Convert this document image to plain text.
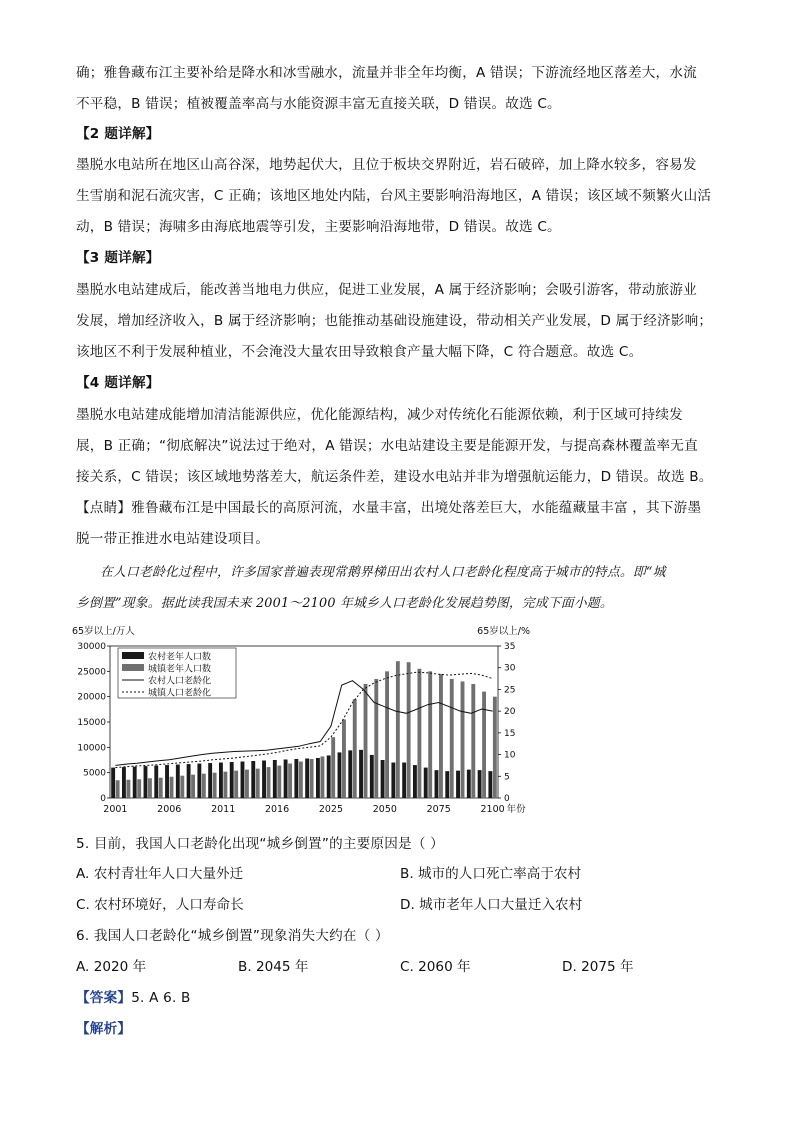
确；雅鲁藏布江主要补给是降水和冰雪融水，流量并非全年均衡，A 错误；下游流经地区落差大，水流
不平稳，B 错误；植被覆盖率高与水能资源丰富无直接关联，D 错误。故选 C。
【2 题详解】
墨脱水电站所在地区山高谷深，地势起伏大，且位于板块交界附近，岩石破碎，加上降水较多，容易发
生雪崩和泥石流灾害，C 正确；该地区地处内陆，台风主要影响沿海地区，A 错误；该区域不频繁火山活
动，B 错误；海啸多由海底地震等引发，主要影响沿海地带，D 错误。故选 C。
【3 题详解】
墨脱水电站建成后，能改善当地电力供应，促进工业发展，A 属于经济影响；会吸引游客，带动旅游业
发展，增加经济收入，B 属于经济影响；也能推动基础设施建设，带动相关产业发展，D 属于经济影响；
该地区不利于发展种植业，不会淹没大量农田导致粮食产量大幅下降，C 符合题意。故选 C。
【4 题详解】
墨脱水电站建成能增加清洁能源供应，优化能源结构，减少对传统化石能源依赖，利于区域可持续发
展，B 正确；“彻底解决”说法过于绝对，A 错误；水电站建设主要是能源开发，与提高森林覆盖率无直
接关系，C 错误；该区域地势落差大，航运条件差，建设水电站并非为增强航运能力，D 错误。故选 B。
【点睛】雅鲁藏布江是中国最长的高原河流，水量丰富，出境处落差巨大，水能蕴藏量丰富 ，其下游墨
脱一带正推进水电站建设项目。
在人口老龄化过程中，许多国家普遍表现常鹅界梯田出农村人口老龄化程度高于城市的特点。即“城
乡倒置”现象。据此读我国未来 2001～2100 年城乡人口老龄化发展趋势图，完成下面小题。
65岁以上/万人	65岁以上/%
0
5000
10000
15000
20000
25000
30000
0
5
10
15
20
25
30
35
2001	2006	2011	2016	2025	2050	2075	2100 年份
农村老年人口数
城镇老年人口数
农村人口老龄化
城镇人口老龄化
5. 目前，我国人口老龄化出现“城乡倒置”的主要原因是（ ）
A. 农村青壮年人口大量外迁	B. 城市的人口死亡率高于农村
C. 农村环境好，人口寿命长	D. 城市老年人口大量迁入农村
6. 我国人口老龄化“城乡倒置”现象消失大约在（ ）
A. 2020 年	B. 2045 年	C. 2060 年	D. 2075 年
【答案】5. A 6. B
【解析】
